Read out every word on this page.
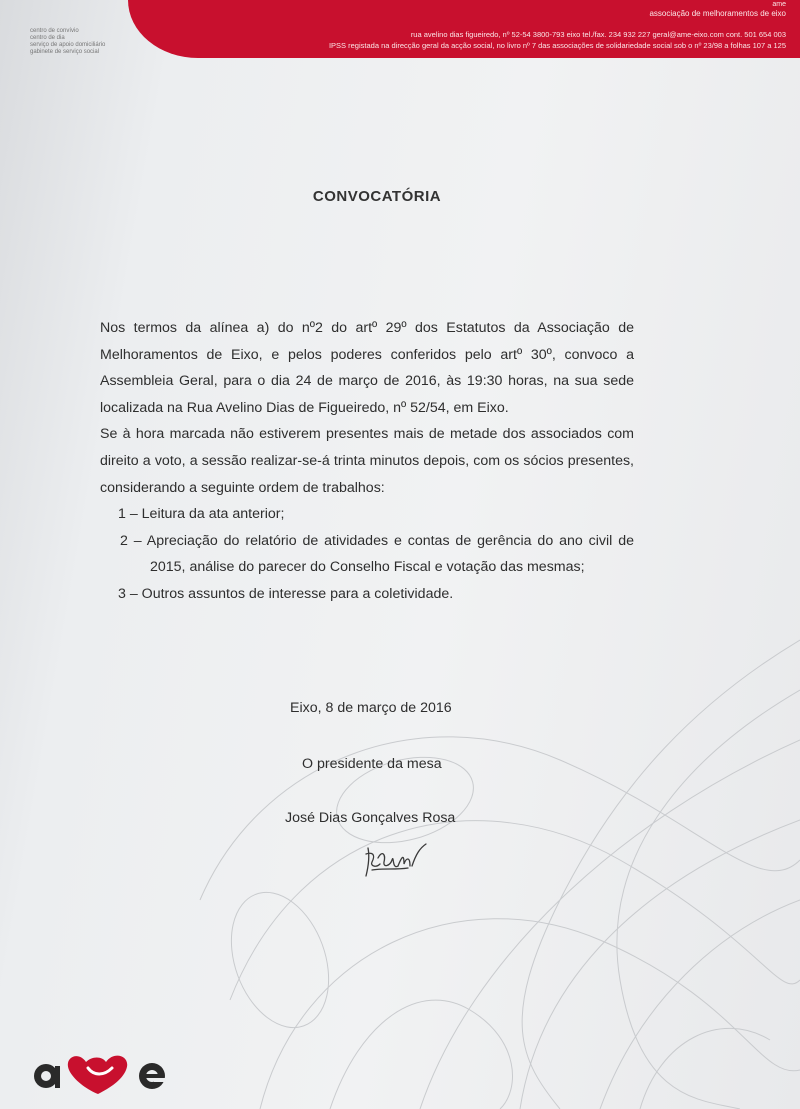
ame
associação de melhoramentos de eixo
rua avelino dias figueiredo, nº 52-54 3800-793 eixo tel./fax. 234 932 227 geral@ame-eixo.com cont. 501 654 003
IPSS registada na direcção geral da acção social, no livro nº 7 das associações de solidariedade social sob o nº 23/98 a folhas 107 a 125
centro de convívio
centro de dia
serviço de apoio domiciliário
gabinete de serviço social
CONVOCATÓRIA

Nos termos da alínea a) do nº2 do artº 29º dos Estatutos da Associação de Melhoramentos de Eixo, e pelos poderes conferidos pelo artº 30º, convoco a Assembleia Geral, para o dia 24 de março de 2016, às 19:30 horas, na sua sede localizada na Rua Avelino Dias de Figueiredo, nº 52/54, em Eixo.

Se à hora marcada não estiverem presentes mais de metade dos associados com direito a voto, a sessão realizar-se-á trinta minutos depois, com os sócios presentes, considerando a seguinte ordem de trabalhos:

1 – Leitura da ata anterior;
2 – Apreciação do relatório de atividades e contas de gerência do ano civil de 2015, análise do parecer do Conselho Fiscal e votação das mesmas;
3 – Outros assuntos de interesse para a coletividade.
Eixo, 8 de março de 2016
O presidente da mesa
José Dias Gonçalves Rosa
